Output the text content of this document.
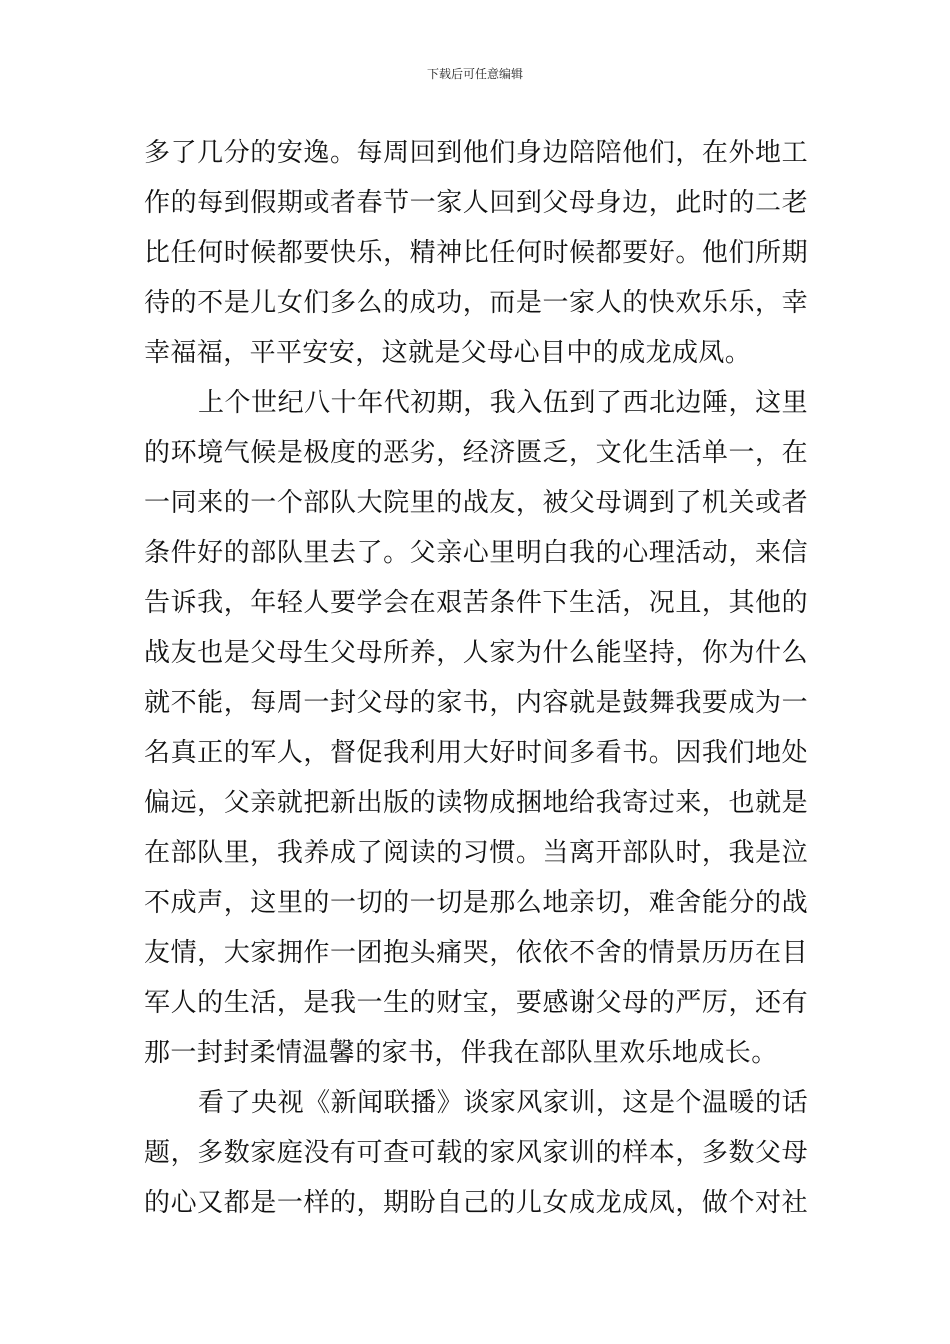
下载后可任意编辑
多了几分的安逸。每周回到他们身边陪陪他们，在外地工
作的每到假期或者春节一家人回到父母身边，此时的二老
比任何时候都要快乐，精神比任何时候都要好。他们所期
待的不是儿女们多么的成功，而是一家人的快欢乐乐，幸
幸福福，平平安安，这就是父母心目中的成龙成凤。
上个世纪八十年代初期，我入伍到了西北边陲，这里
的环境气候是极度的恶劣，经济匮乏，文化生活单一，在
一同来的一个部队大院里的战友，被父母调到了机关或者
条件好的部队里去了。父亲心里明白我的心理活动，来信
告诉我，年轻人要学会在艰苦条件下生活，况且，其他的
战友也是父母生父母所养，人家为什么能坚持，你为什么
就不能，每周一封父母的家书，内容就是鼓舞我要成为一
名真正的军人，督促我利用大好时间多看书。因我们地处
偏远，父亲就把新出版的读物成捆地给我寄过来，也就是
在部队里，我养成了阅读的习惯。当离开部队时，我是泣
不成声，这里的一切的一切是那么地亲切，难舍能分的战
友情，大家拥作一团抱头痛哭，依依不舍的情景历历在目
军人的生活，是我一生的财宝，要感谢父母的严厉，还有
那一封封柔情温馨的家书，伴我在部队里欢乐地成长。
看了央视《新闻联播》谈家风家训，这是个温暖的话
题，多数家庭没有可查可载的家风家训的样本，多数父母
的心又都是一样的，期盼自己的儿女成龙成凤，做个对社
